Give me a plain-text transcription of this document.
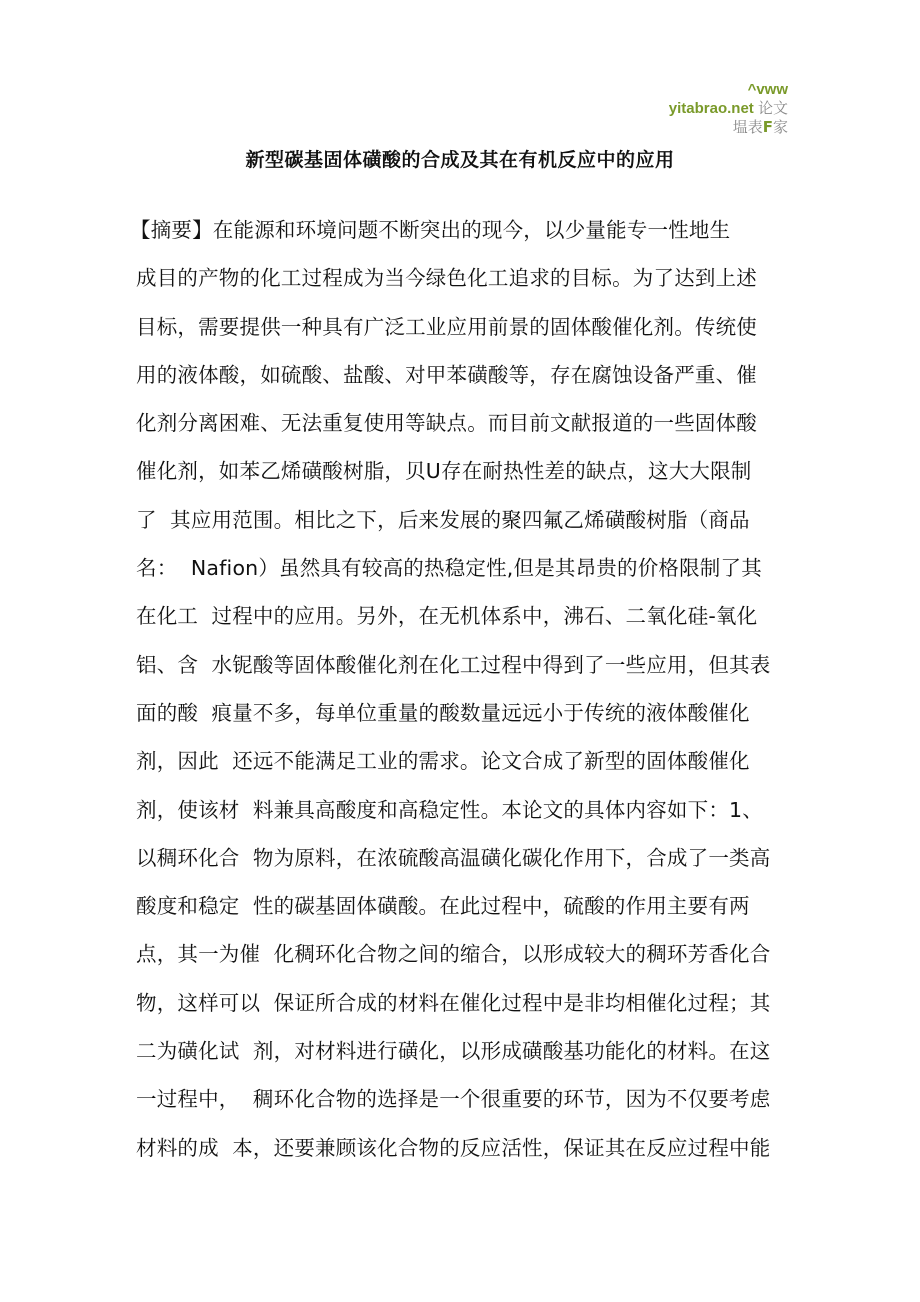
^vww
yitabrao.net 论文
塭表F家
新型碳基固体磺酸的合成及其在有机反应中的应用
【摘要】在能源和环境问题不断突出的现今，以少量能专一性地生
成目的产物的化工过程成为当今绿色化工追求的目标。为了达到上述
目标，需要提供一种具有广泛工业应用前景的固体酸催化剂。传统使
用的液体酸，如硫酸、盐酸、对甲苯磺酸等，存在腐蚀设备严重、催
化剂分离困难、无法重复使用等缺点。而目前文献报道的一些固体酸
催化剂，如苯乙烯磺酸树脂，贝U存在耐热性差的缺点，这大大限制
了  其应用范围。相比之下，后来发展的聚四氟乙烯磺酸树脂（商品
名：  Nafion）虽然具有较高的热稳定性,但是其昂贵的价格限制了其
在化工  过程中的应用。另外，在无机体系中，沸石、二氧化硅-氧化
铝、含  水铌酸等固体酸催化剂在化工过程中得到了一些应用，但其表
面的酸  痕量不多，每单位重量的酸数量远远小于传统的液体酸催化
剂，因此  还远不能满足工业的需求。论文合成了新型的固体酸催化
剂，使该材  料兼具高酸度和高稳定性。本论文的具体内容如下：1、
以稠环化合  物为原料，在浓硫酸高温磺化碳化作用下，合成了一类高
酸度和稳定  性的碳基固体磺酸。在此过程中，硫酸的作用主要有两
点，其一为催  化稠环化合物之间的缩合，以形成较大的稠环芳香化合
物，这样可以  保证所合成的材料在催化过程中是非均相催化过程；其
二为磺化试  剂，对材料进行磺化，以形成磺酸基功能化的材料。在这
一过程中，  稠环化合物的选择是一个很重要的环节，因为不仅要考虑
材料的成  本，还要兼顾该化合物的反应活性，保证其在反应过程中能
